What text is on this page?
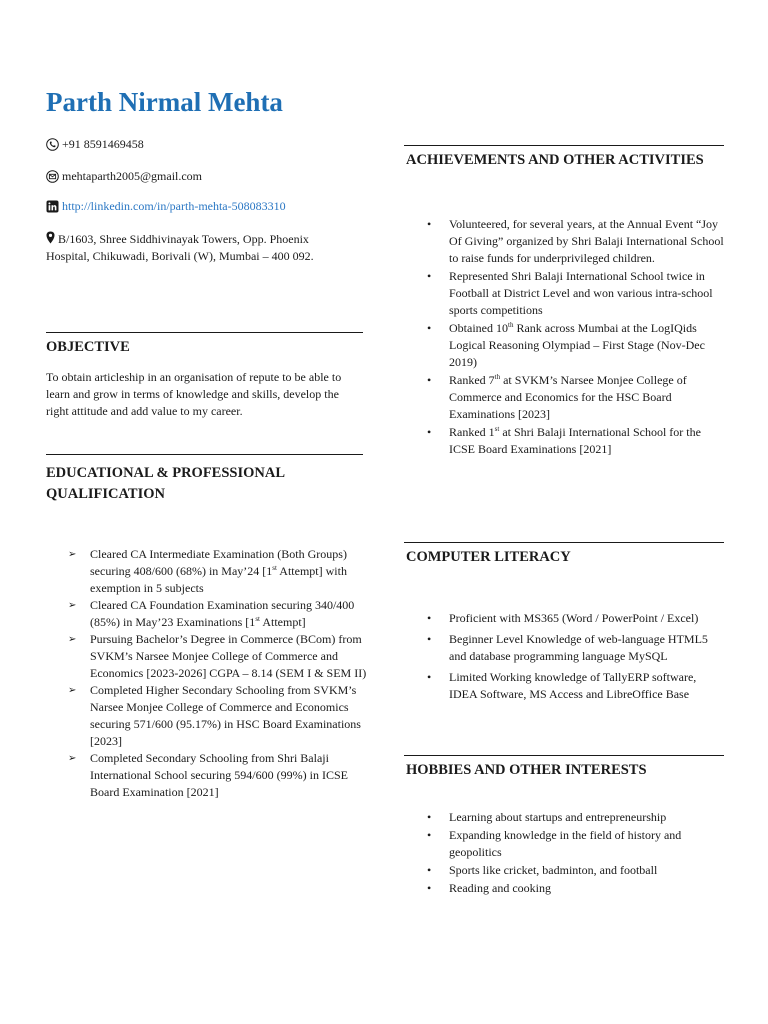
Parth Nirmal Mehta
+91 8591469458
mehtaparth2005@gmail.com
http://linkedin.com/in/parth-mehta-508083310
B/1603, Shree Siddhivinayak Towers, Opp. Phoenix Hospital, Chikuwadi, Borivali (W), Mumbai – 400 092.
OBJECTIVE
To obtain articleship in an organisation of repute to be able to learn and grow in terms of knowledge and skills, develop the right attitude and add value to my career.
EDUCATIONAL & PROFESSIONAL
QUALIFICATION
➢ Cleared CA Intermediate Examination (Both Groups) securing 408/600 (68%) in May’24 [1st Attempt] with exemption in 5 subjects
➢ Cleared CA Foundation Examination securing 340/400 (85%) in May’23 Examinations [1st Attempt]
➢ Pursuing Bachelor’s Degree in Commerce (BCom) from SVKM’s Narsee Monjee College of Commerce and Economics [2023-2026] CGPA – 8.14 (SEM I & SEM II)
➢ Completed Higher Secondary Schooling from SVKM’s Narsee Monjee College of Commerce and Economics securing 571/600 (95.17%) in HSC Board Examinations [2023]
➢ Completed Secondary Schooling from Shri Balaji International School securing 594/600 (99%) in ICSE Board Examination [2021]
ACHIEVEMENTS AND OTHER ACTIVITIES
• Volunteered, for several years, at the Annual Event “Joy Of Giving” organized by Shri Balaji International School to raise funds for underprivileged children.
• Represented Shri Balaji International School twice in Football at District Level and won various intra-school sports competitions
• Obtained 10th Rank across Mumbai at the LogIQids Logical Reasoning Olympiad – First Stage (Nov-Dec 2019)
• Ranked 7th at SVKM’s Narsee Monjee College of Commerce and Economics for the HSC Board Examinations [2023]
• Ranked 1st at Shri Balaji International School for the ICSE Board Examinations [2021]
COMPUTER LITERACY
• Proficient with MS365 (Word / PowerPoint / Excel)
• Beginner Level Knowledge of web-language HTML5 and database programming language MySQL
• Limited Working knowledge of TallyERP software, IDEA Software, MS Access and LibreOffice Base
HOBBIES AND OTHER INTERESTS
• Learning about startups and entrepreneurship
• Expanding knowledge in the field of history and geopolitics
• Sports like cricket, badminton, and football
• Reading and cooking
